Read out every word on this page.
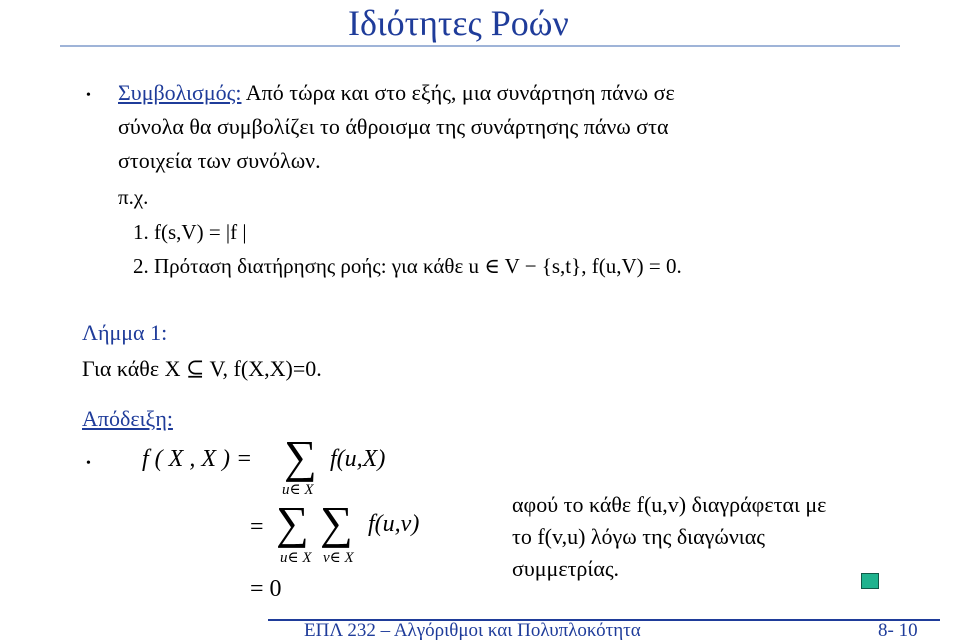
Ιδιότητες Ροών
• Συμβολισμός: Από τώρα και στο εξής, μια συνάρτηση πάνω σε
σύνολα θα συμβολίζει το άθροισμα της συνάρτησης πάνω στα
στοιχεία των συνόλων.
π.χ.
1. f(s,V) = |f |
2. Πρόταση διατήρησης ροής: για κάθε u ∈ V − {s,t}, f(u,V) = 0.
Λήμμα 1:
Για κάθε X ⊆ V, f(X,X)=0.
Απόδειξη:
• f ( X , X ) = ∑ f(u,X)
u∈ X
= ∑ ∑ f(u,v)
u∈ X v∈ X
= 0
αφού το κάθε f(u,v) διαγράφεται με
το f(v,u) λόγω της διαγώνιας
συμμετρίας.
ΕΠΛ 232 – Αλγόριθμοι και Πολυπλοκότητα	8- 10
